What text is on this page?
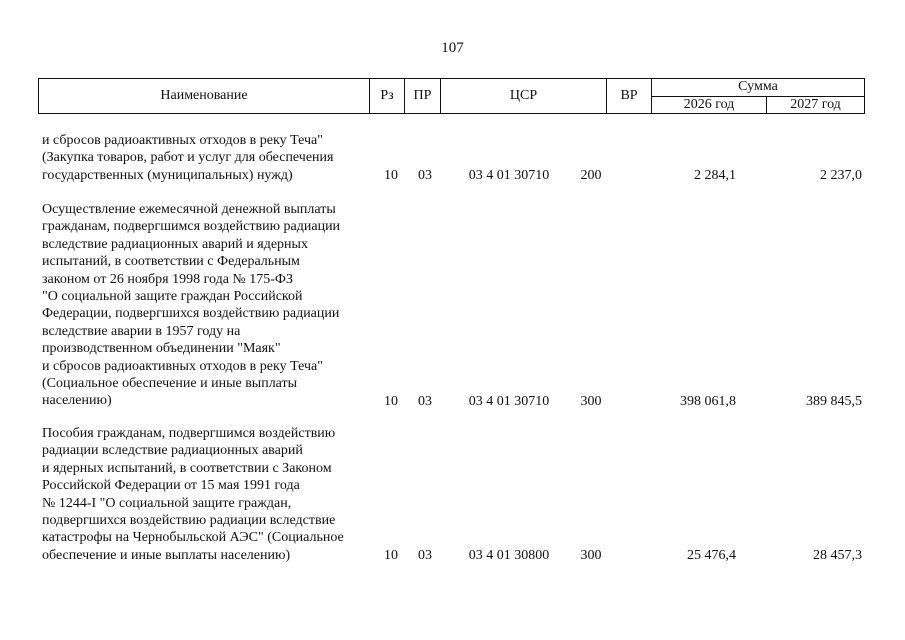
107
Наименование	Рз	ПР	ЦСР	ВР
Сумма
2026 год	2027 год
и сбросов радиоактивных отходов в реку Теча"
(Закупка товаров, работ и услуг для обеспечения
государственных (муниципальных) нужд)	10	03	03 4 01 30710	200	2 284,1	2 237,0
Осуществление ежемесячной денежной выплаты
гражданам, подвергшимся воздействию радиации
вследствие радиационных аварий и ядерных
испытаний, в соответствии с Федеральным
законом от 26 ноября 1998 года № 175-ФЗ
"О социальной защите граждан Российской
Федерации, подвергшихся воздействию радиации
вследствие аварии в 1957 году на
производственном объединении "Маяк"
и сбросов радиоактивных отходов в реку Теча"
(Социальное обеспечение и иные выплаты
населению)	10	03	03 4 01 30710	300	398 061,8	389 845,5
Пособия гражданам, подвергшимся воздействию
радиации вследствие радиационных аварий
и ядерных испытаний, в соответствии с Законом
Российской Федерации от 15 мая 1991 года
№ 1244-I "О социальной защите граждан,
подвергшихся воздействию радиации вследствие
катастрофы на Чернобыльской АЭС" (Социальное
обеспечение и иные выплаты населению)	10	03	03 4 01 30800	300	25 476,4	28 457,3
